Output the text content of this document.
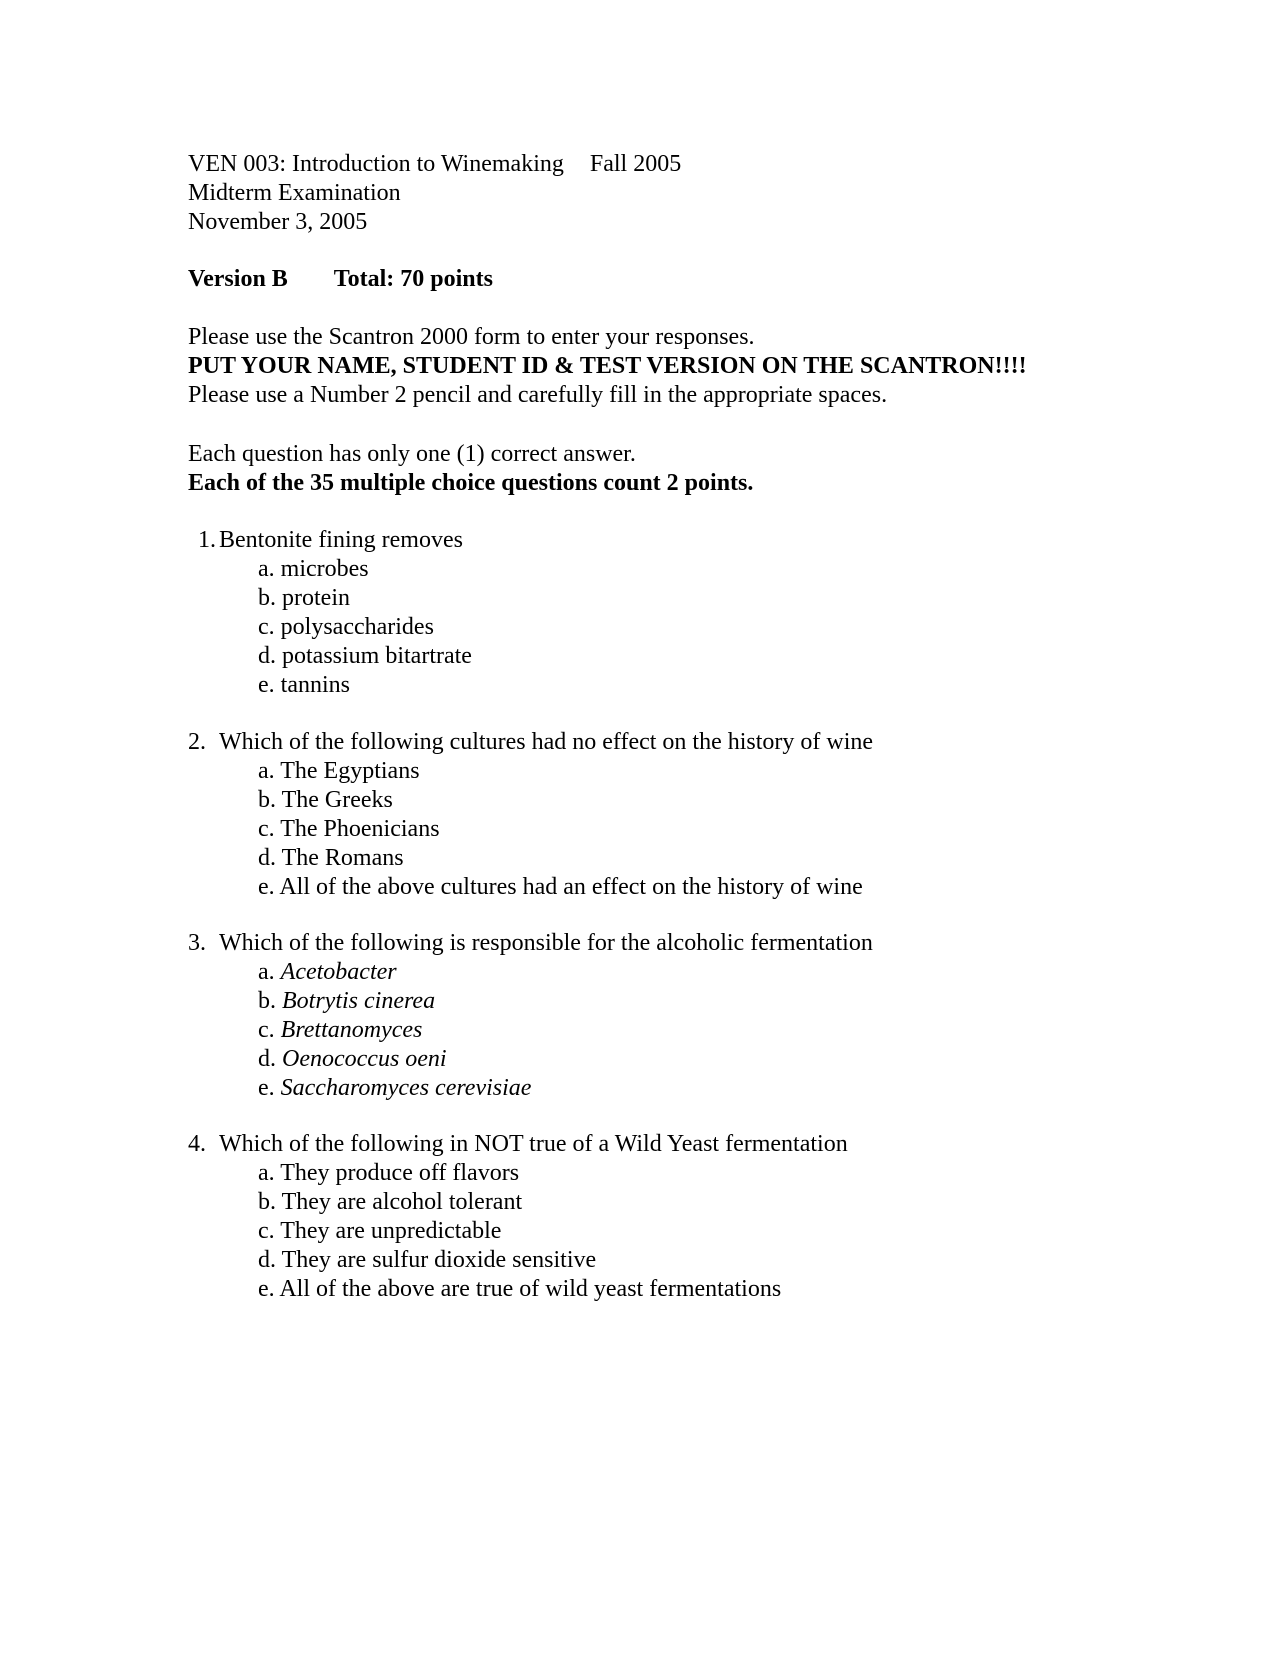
VEN 003: Introduction to Winemaking Fall 2005
Midterm Examination
November 3, 2005
Version B Total: 70 points
Please use the Scantron 2000 form to enter your responses.
PUT YOUR NAME, STUDENT ID & TEST VERSION ON THE SCANTRON!!!!
Please use a Number 2 pencil and carefully fill in the appropriate spaces.
Each question has only one (1) correct answer.
Each of the 35 multiple choice questions count 2 points.
1. Bentonite fining removes
a. microbes
b. protein
c. polysaccharides
d. potassium bitartrate
e. tannins
2. Which of the following cultures had no effect on the history of wine
a. The Egyptians
b. The Greeks
c. The Phoenicians
d. The Romans
e. All of the above cultures had an effect on the history of wine
3. Which of the following is responsible for the alcoholic fermentation
a. Acetobacter
b. Botrytis cinerea
c. Brettanomyces
d. Oenococcus oeni
e. Saccharomyces cerevisiae
4. Which of the following in NOT true of a Wild Yeast fermentation
a. They produce off flavors
b. They are alcohol tolerant
c. They are unpredictable
d. They are sulfur dioxide sensitive
e. All of the above are true of wild yeast fermentations
